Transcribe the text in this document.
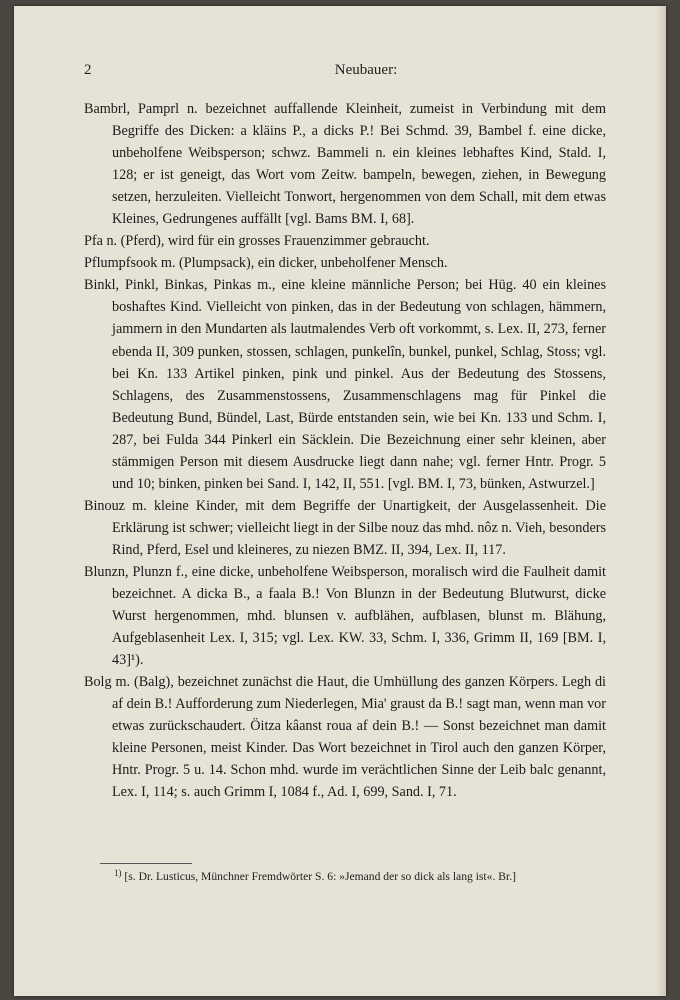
2	Neubauer:

Bambrl, Pamprl n. bezeichnet auffallende Kleinheit, zumeist in Verbindung mit dem Begriffe des Dicken: a kläins P., a dicks P.! Bei Schmd. 39, Bambel f. eine dicke, unbeholfene Weibsperson; schwz. Bammeli n. ein kleines lebhaftes Kind, Stald. I, 128; er ist geneigt, das Wort vom Zeitw. bampeln, bewegen, ziehen, in Bewegung setzen, herzuleiten. Vielleicht Tonwort, hergenommen von dem Schall, mit dem etwas Kleines, Gedrungenes auffällt [vgl. Bams BM. I, 68].

Pfa n. (Pferd), wird für ein grosses Frauenzimmer gebraucht.

Pflumpfsook m. (Plumpsack), ein dicker, unbeholfener Mensch.

Binkl, Pinkl, Binkas, Pinkas m., eine kleine männliche Person; bei Hüg. 40 ein kleines boshaftes Kind. Vielleicht von pinken, das in der Bedeutung von schlagen, hämmern, jammern in den Mundarten als lautmalendes Verb oft vorkommt, s. Lex. II, 273, ferner ebenda II, 309 punken, stossen, schlagen, punkelîn, bunkel, punkel, Schlag, Stoss; vgl. bei Kn. 133 Artikel pinken, pink und pinkel. Aus der Bedeutung des Stossens, Schlagens, des Zusammenstossens, Zusammenschlagens mag für Pinkel die Bedeutung Bund, Bündel, Last, Bürde entstanden sein, wie bei Kn. 133 und Schm. I, 287, bei Fulda 344 Pinkerl ein Säcklein. Die Bezeichnung einer sehr kleinen, aber stämmigen Person mit diesem Ausdrucke liegt dann nahe; vgl. ferner Hntr. Progr. 5 und 10; binken, pinken bei Sand. I, 142, II, 551. [vgl. BM. I, 73, bünken, Astwurzel.]

Binouz m. kleine Kinder, mit dem Begriffe der Unartigkeit, der Ausgelassenheit. Die Erklärung ist schwer; vielleicht liegt in der Silbe nouz das mhd. nôz n. Vieh, besonders Rind, Pferd, Esel und kleineres, zu niezen BMZ. II, 394, Lex. II, 117.

Blunzn, Plunzn f., eine dicke, unbeholfene Weibsperson, moralisch wird die Faulheit damit bezeichnet. A dicka B., a faala B.! Von Blunzn in der Bedeutung Blutwurst, dicke Wurst hergenommen, mhd. blunsen v. aufblähen, aufblasen, blunst m. Blähung, Aufgeblasenheit Lex. I, 315; vgl. Lex. KW. 33, Schm. I, 336, Grimm II, 169 [BM. I, 43]¹).

Bolg m. (Balg), bezeichnet zunächst die Haut, die Umhüllung des ganzen Körpers. Legh di af dein B.! Aufforderung zum Niederlegen, Mia' graust da B.! sagt man, wenn man vor etwas zurückschaudert. Öitza kâanst roua af dein B.! — Sonst bezeichnet man damit kleine Personen, meist Kinder. Das Wort bezeichnet in Tirol auch den ganzen Körper, Hntr. Progr. 5 u. 14. Schon mhd. wurde im verächtlichen Sinne der Leib balc genannt, Lex. I, 114; s. auch Grimm I, 1084 f., Ad. I, 699, Sand. I, 71.

$^{1)}$ [s. Dr. Lusticus, Münchner Fremdwörter S. 6: »Jemand der so dick als lang ist«. Br.]
